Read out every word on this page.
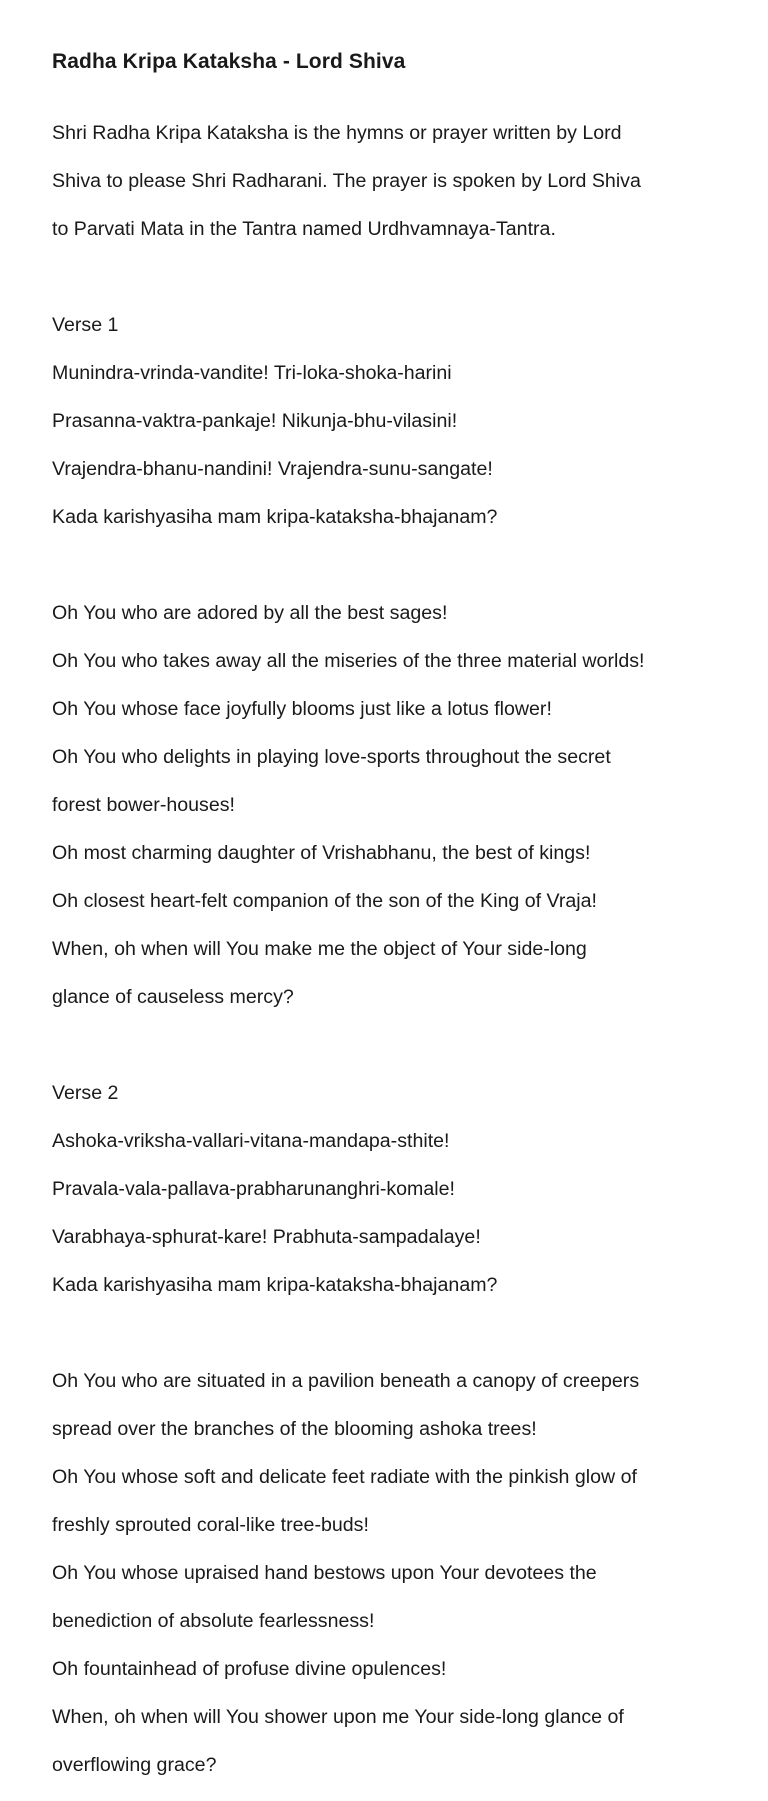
Radha Kripa Kataksha - Lord Shiva

Shri Radha Kripa Kataksha is the hymns or prayer written by Lord

Shiva to please Shri Radharani. The prayer is spoken by Lord Shiva

to Parvati Mata in the Tantra named Urdhvamnaya-Tantra.

Verse 1

Munindra-vrinda-vandite! Tri-loka-shoka-harini

Prasanna-vaktra-pankaje! Nikunja-bhu-vilasini!

Vrajendra-bhanu-nandini! Vrajendra-sunu-sangate!

Kada karishyasiha mam kripa-kataksha-bhajanam?

Oh You who are adored by all the best sages!

Oh You who takes away all the miseries of the three material worlds!

Oh You whose face joyfully blooms just like a lotus flower!

Oh You who delights in playing love-sports throughout the secret

forest bower-houses!

Oh most charming daughter of Vrishabhanu, the best of kings!

Oh closest heart-felt companion of the son of the King of Vraja!

When, oh when will You make me the object of Your side-long

glance of causeless mercy?

Verse 2

Ashoka-vriksha-vallari-vitana-mandapa-sthite!

Pravala-vala-pallava-prabharunanghri-komale!

Varabhaya-sphurat-kare! Prabhuta-sampadalaye!

Kada karishyasiha mam kripa-kataksha-bhajanam?

Oh You who are situated in a pavilion beneath a canopy of creepers

spread over the branches of the blooming ashoka trees!

Oh You whose soft and delicate feet radiate with the pinkish glow of

freshly sprouted coral-like tree-buds!

Oh You whose upraised hand bestows upon Your devotees the

benediction of absolute fearlessness!

Oh fountainhead of profuse divine opulences!

When, oh when will You shower upon me Your side-long glance of

overflowing grace?
